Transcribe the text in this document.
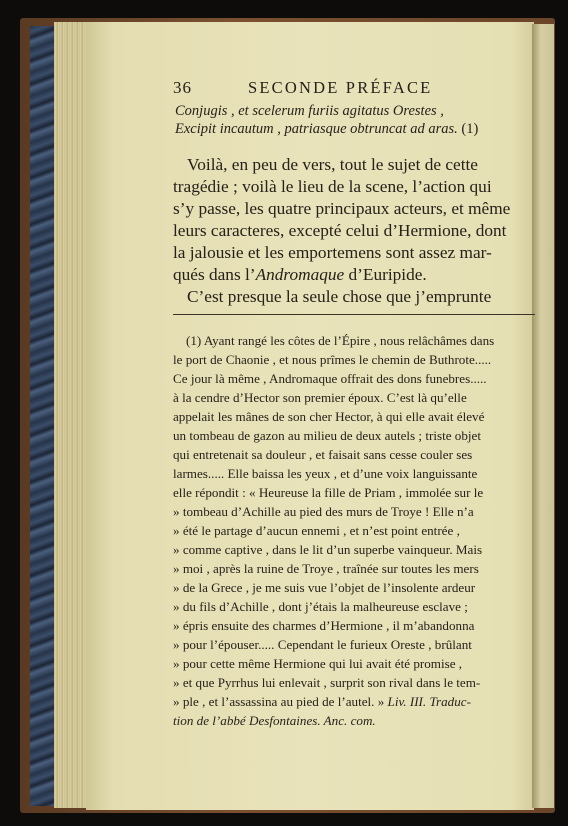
36	SECONDE PRÉFACE
Conjugis , et scelerum furiis agitatus Orestes ,
Excipit incautum , patriasque obtruncat ad aras. (1)
Voilà, en peu de vers, tout le sujet de cette
tragédie ; voilà le lieu de la scene, l’action qui
s’y passe, les quatre principaux acteurs, et même
leurs caracteres, excepté celui d’Hermione, dont
la jalousie et les emportemens sont assez mar-
qués dans l’Andromaque d’Euripide.
C’est presque la seule chose que j’emprunte
(1) Ayant rangé les côtes de l’Épire , nous relâchâmes dans
le port de Chaonie , et nous prîmes le chemin de Buthrote.....
Ce jour là même , Andromaque offrait des dons funebres.....
à la cendre d’Hector son premier époux. C’est là qu’elle
appelait les mânes de son cher Hector, à qui elle avait élevé
un tombeau de gazon au milieu de deux autels ; triste objet
qui entretenait sa douleur , et faisait sans cesse couler ses
larmes..... Elle baissa les yeux , et d’une voix languissante
elle répondit : « Heureuse la fille de Priam , immolée sur le
» tombeau d’Achille au pied des murs de Troye ! Elle n’a
» été le partage d’aucun ennemi , et n’est point entrée ,
» comme captive , dans le lit d’un superbe vainqueur. Mais
» moi , après la ruine de Troye , traînée sur toutes les mers
» de la Grece , je me suis vue l’objet de l’insolente ardeur
» du fils d’Achille , dont j’étais la malheureuse esclave ;
» épris ensuite des charmes d’Hermione , il m’abandonna
» pour l’épouser..... Cependant le furieux Oreste , brûlant
» pour cette même Hermione qui lui avait été promise ,
» et que Pyrrhus lui enlevait , surprit son rival dans le tem-
» ple , et l’assassina au pied de l’autel. » Liv. III. Traduc-
tion de l’abbé Desfontaines. Anc. com.
